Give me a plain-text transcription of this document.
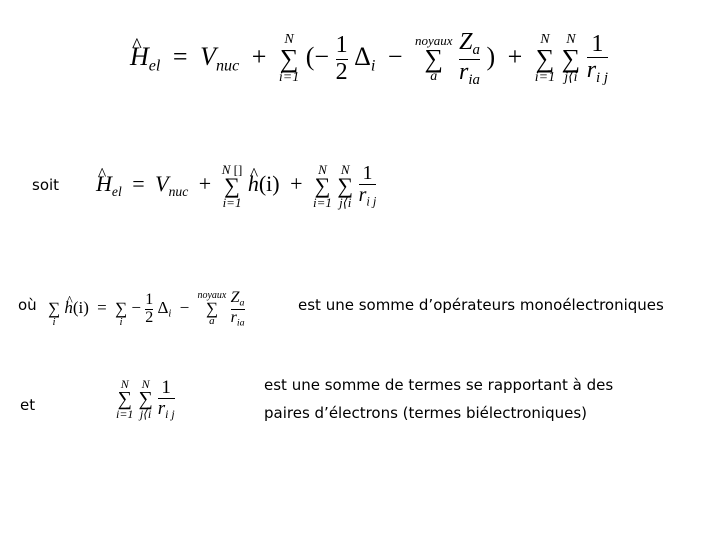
^ $H_{el} = V_{nuc}$ +
N
∑
i=1
(− $\frac{1}{2} \Delta_i$ −
noyaux
∑
a
$\frac{Z_a}{r_{ia}}$ ) +
N
∑
i=1

N
∑
j⟨i
$\frac{1}{r_{i j}}$
soit
^ $H_{el} = V_{nuc}$ +
N []
∑
i=1
^ h(i) +
N
∑
i=1

N
∑
j⟨i
$\frac{1}{r_{i j}}$
où
∑
i
^ h(i) =
∑
i
− $\frac{1}{2} \Delta_i$ −
noyaux
∑
a
$\frac{Z_a}{r_{ia}}$	est une somme d’opérateurs monoélectroniques
et
N
∑
i=1

N
∑
j⟨i
$\frac{1}{r_{i j}}$	est une somme de termes se rapportant à des
paires d’électrons (termes biélectroniques)
